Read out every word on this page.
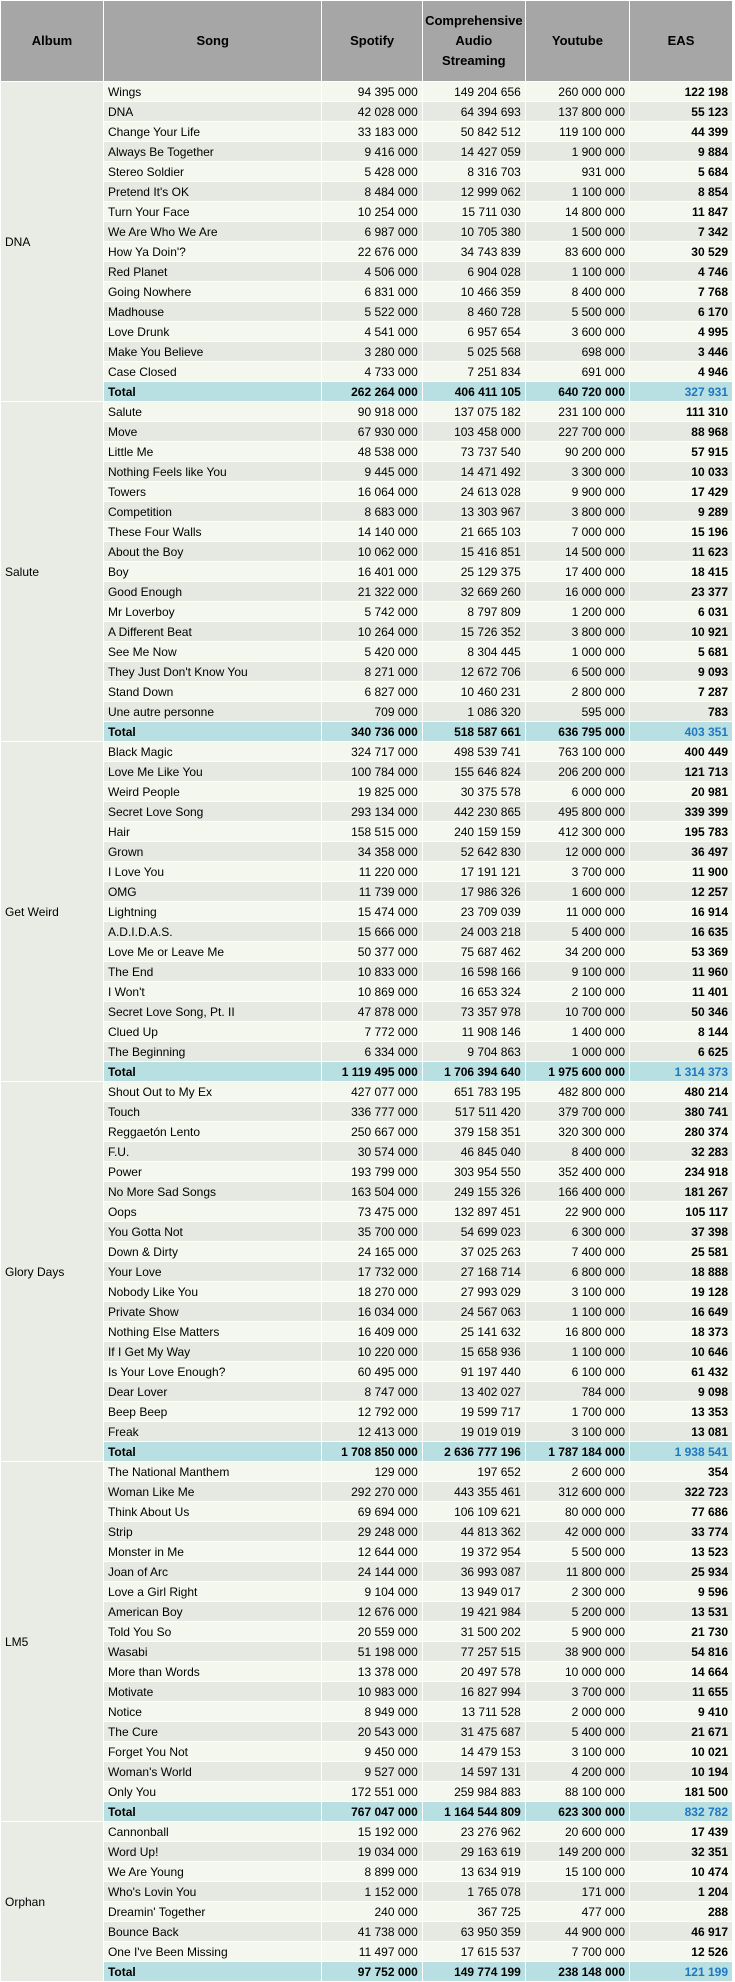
Album	Song	Spotify	Comprehensive Audio Streaming	Youtube	EAS
DNA	Wings	94 395 000	149 204 656	260 000 000	122 198
	DNA	42 028 000	64 394 693	137 800 000	55 123
	Change Your Life	33 183 000	50 842 512	119 100 000	44 399
	Always Be Together	9 416 000	14 427 059	1 900 000	9 884
	Stereo Soldier	5 428 000	8 316 703	931 000	5 684
	Pretend It's OK	8 484 000	12 999 062	1 100 000	8 854
	Turn Your Face	10 254 000	15 711 030	14 800 000	11 847
	We Are Who We Are	6 987 000	10 705 380	1 500 000	7 342
	How Ya Doin'?	22 676 000	34 743 839	83 600 000	30 529
	Red Planet	4 506 000	6 904 028	1 100 000	4 746
	Going Nowhere	6 831 000	10 466 359	8 400 000	7 768
	Madhouse	5 522 000	8 460 728	5 500 000	6 170
	Love Drunk	4 541 000	6 957 654	3 600 000	4 995
	Make You Believe	3 280 000	5 025 568	698 000	3 446
	Case Closed	4 733 000	7 251 834	691 000	4 946
	Total	262 264 000	406 411 105	640 720 000	327 931
Salute	Salute	90 918 000	137 075 182	231 100 000	111 310
	Move	67 930 000	103 458 000	227 700 000	88 968
	Little Me	48 538 000	73 737 540	90 200 000	57 915
	Nothing Feels like You	9 445 000	14 471 492	3 300 000	10 033
	Towers	16 064 000	24 613 028	9 900 000	17 429
	Competition	8 683 000	13 303 967	3 800 000	9 289
	These Four Walls	14 140 000	21 665 103	7 000 000	15 196
	About the Boy	10 062 000	15 416 851	14 500 000	11 623
	Boy	16 401 000	25 129 375	17 400 000	18 415
	Good Enough	21 322 000	32 669 260	16 000 000	23 377
	Mr Loverboy	5 742 000	8 797 809	1 200 000	6 031
	A Different Beat	10 264 000	15 726 352	3 800 000	10 921
	See Me Now	5 420 000	8 304 445	1 000 000	5 681
	They Just Don't Know You	8 271 000	12 672 706	6 500 000	9 093
	Stand Down	6 827 000	10 460 231	2 800 000	7 287
	Une autre personne	709 000	1 086 320	595 000	783
	Total	340 736 000	518 587 661	636 795 000	403 351
Get Weird	Black Magic	324 717 000	498 539 741	763 100 000	400 449
	Love Me Like You	100 784 000	155 646 824	206 200 000	121 713
	Weird People	19 825 000	30 375 578	6 000 000	20 981
	Secret Love Song	293 134 000	442 230 865	495 800 000	339 399
	Hair	158 515 000	240 159 159	412 300 000	195 783
	Grown	34 358 000	52 642 830	12 000 000	36 497
	I Love You	11 220 000	17 191 121	3 700 000	11 900
	OMG	11 739 000	17 986 326	1 600 000	12 257
	Lightning	15 474 000	23 709 039	11 000 000	16 914
	A.D.I.D.A.S.	15 666 000	24 003 218	5 400 000	16 635
	Love Me or Leave Me	50 377 000	75 687 462	34 200 000	53 369
	The End	10 833 000	16 598 166	9 100 000	11 960
	I Won't	10 869 000	16 653 324	2 100 000	11 401
	Secret Love Song, Pt. II	47 878 000	73 357 978	10 700 000	50 346
	Clued Up	7 772 000	11 908 146	1 400 000	8 144
	The Beginning	6 334 000	9 704 863	1 000 000	6 625
	Total	1 119 495 000	1 706 394 640	1 975 600 000	1 314 373
Glory Days	Shout Out to My Ex	427 077 000	651 783 195	482 800 000	480 214
	Touch	336 777 000	517 511 420	379 700 000	380 741
	Reggaetón Lento	250 667 000	379 158 351	320 300 000	280 374
	F.U.	30 574 000	46 845 040	8 400 000	32 283
	Power	193 799 000	303 954 550	352 400 000	234 918
	No More Sad Songs	163 504 000	249 155 326	166 400 000	181 267
	Oops	73 475 000	132 897 451	22 900 000	105 117
	You Gotta Not	35 700 000	54 699 023	6 300 000	37 398
	Down & Dirty	24 165 000	37 025 263	7 400 000	25 581
	Your Love	17 732 000	27 168 714	6 800 000	18 888
	Nobody Like You	18 270 000	27 993 029	3 100 000	19 128
	Private Show	16 034 000	24 567 063	1 100 000	16 649
	Nothing Else Matters	16 409 000	25 141 632	16 800 000	18 373
	If I Get My Way	10 220 000	15 658 936	1 100 000	10 646
	Is Your Love Enough?	60 495 000	91 197 440	6 100 000	61 432
	Dear Lover	8 747 000	13 402 027	784 000	9 098
	Beep Beep	12 792 000	19 599 717	1 700 000	13 353
	Freak	12 413 000	19 019 019	3 100 000	13 081
	Total	1 708 850 000	2 636 777 196	1 787 184 000	1 938 541
LM5	The National Manthem	129 000	197 652	2 600 000	354
	Woman Like Me	292 270 000	443 355 461	312 600 000	322 723
	Think About Us	69 694 000	106 109 621	80 000 000	77 686
	Strip	29 248 000	44 813 362	42 000 000	33 774
	Monster in Me	12 644 000	19 372 954	5 500 000	13 523
	Joan of Arc	24 144 000	36 993 087	11 800 000	25 934
	Love a Girl Right	9 104 000	13 949 017	2 300 000	9 596
	American Boy	12 676 000	19 421 984	5 200 000	13 531
	Told You So	20 559 000	31 500 202	5 900 000	21 730
	Wasabi	51 198 000	77 257 515	38 900 000	54 816
	More than Words	13 378 000	20 497 578	10 000 000	14 664
	Motivate	10 983 000	16 827 994	3 700 000	11 655
	Notice	8 949 000	13 711 528	2 000 000	9 410
	The Cure	20 543 000	31 475 687	5 400 000	21 671
	Forget You Not	9 450 000	14 479 153	3 100 000	10 021
	Woman's World	9 527 000	14 597 131	4 200 000	10 194
	Only You	172 551 000	259 984 883	88 100 000	181 500
	Total	767 047 000	1 164 544 809	623 300 000	832 782
Orphan	Cannonball	15 192 000	23 276 962	20 600 000	17 439
	Word Up!	19 034 000	29 163 619	149 200 000	32 351
	We Are Young	8 899 000	13 634 919	15 100 000	10 474
	Who's Lovin You	1 152 000	1 765 078	171 000	1 204
	Dreamin' Together	240 000	367 725	477 000	288
	Bounce Back	41 738 000	63 950 359	44 900 000	46 917
	One I've Been Missing	11 497 000	17 615 537	7 700 000	12 526
	Total	97 752 000	149 774 199	238 148 000	121 199
